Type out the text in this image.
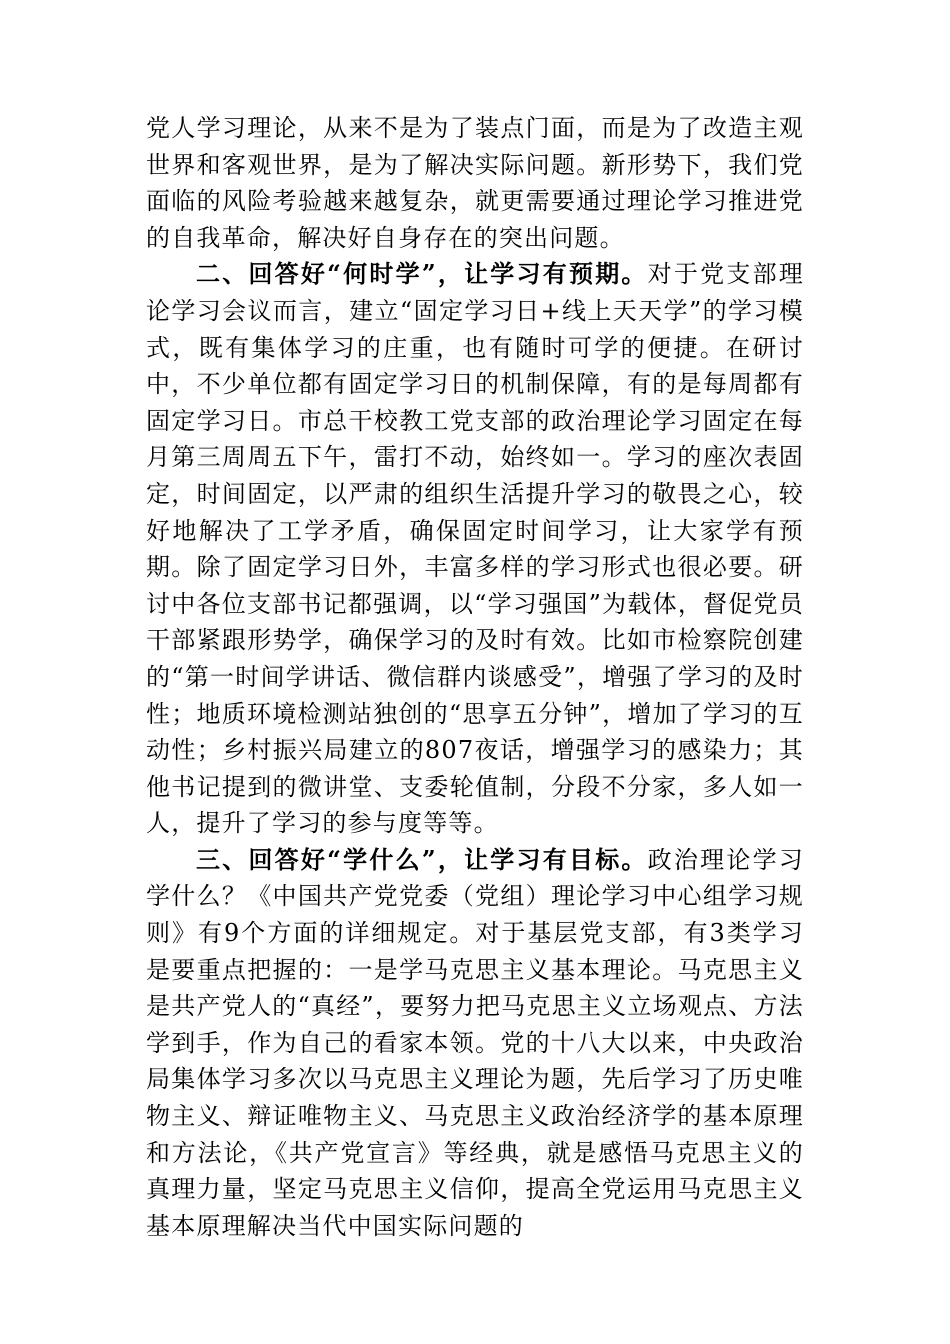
党人学习理论，从来不是为了装点门面，而是为了改造主观世界和客观世界，是为了解决实际问题。新形势下，我们党面临的风险考验越来越复杂，就更需要通过理论学习推进党的自我革命，解决好自身存在的突出问题。

二、回答好“何时学”，让学习有预期。对于党支部理论学习会议而言，建立“固定学习日+线上天天学”的学习模式，既有集体学习的庄重，也有随时可学的便捷。在研讨中，不少单位都有固定学习日的机制保障，有的是每周都有固定学习日。市总干校教工党支部的政治理论学习固定在每月第三周周五下午，雷打不动，始终如一。学习的座次表固定，时间固定，以严肃的组织生活提升学习的敬畏之心，较好地解决了工学矛盾，确保固定时间学习，让大家学有预期。除了固定学习日外，丰富多样的学习形式也很必要。研讨中各位支部书记都强调，以“学习强国”为载体，督促党员干部紧跟形势学，确保学习的及时有效。比如市检察院创建的“第一时间学讲话、微信群内谈感受”，增强了学习的及时性；地质环境检测站独创的“思享五分钟”，增加了学习的互动性；乡村振兴局建立的807夜话，增强学习的感染力；其他书记提到的微讲堂、支委轮值制，分段不分家，多人如一人，提升了学习的参与度等等。

三、回答好“学什么”，让学习有目标。政治理论学习学什么？《中国共产党党委（党组）理论学习中心组学习规则》有9个方面的详细规定。对于基层党支部，有3类学习是要重点把握的：一是学马克思主义基本理论。马克思主义是共产党人的“真经”，要努力把马克思主义立场观点、方法学到手，作为自己的看家本领。党的十八大以来，中央政治局集体学习多次以马克思主义理论为题，先后学习了历史唯物主义、辩证唯物主义、马克思主义政治经济学的基本原理和方法论，《共产党宣言》等经典，就是感悟马克思主义的真理力量，坚定马克思主义信仰，提高全党运用马克思主义基本原理解决当代中国实际问题的
